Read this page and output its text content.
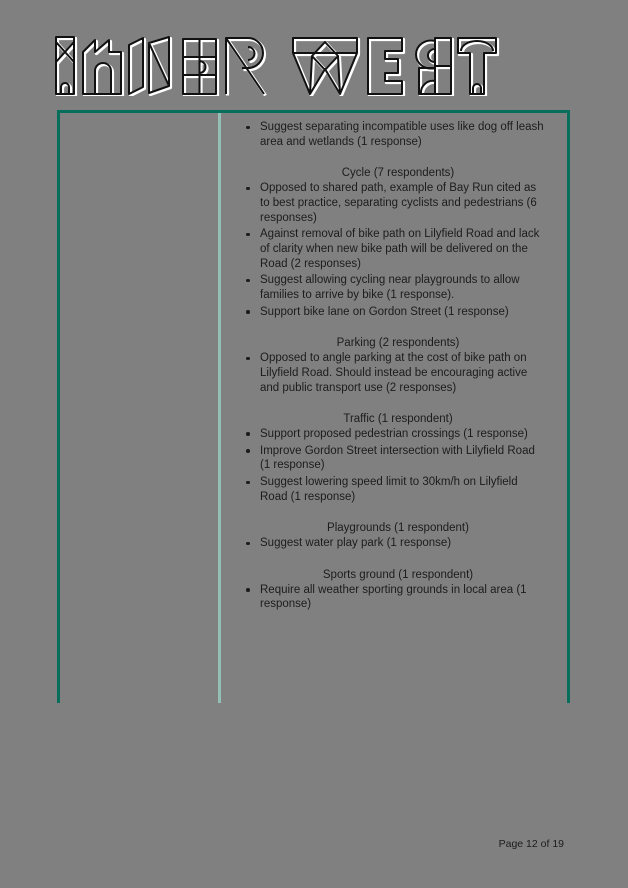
Suggest separating incompatible uses like dog off leash area and wetlands (1 response)
Cycle (7 respondents)
Opposed to shared path, example of Bay Run cited as to best practice, separating cyclists and pedestrians (6 responses)
Against removal of bike path on Lilyfield Road and lack of clarity when new bike path will be delivered on the Road (2 responses)
Suggest allowing cycling near playgrounds to allow families to arrive by bike (1 response).
Support bike lane on Gordon Street (1 response)
Parking (2 respondents)
Opposed to angle parking at the cost of bike path on Lilyfield Road. Should instead be encouraging active and public transport use (2 responses)
Traffic (1 respondent)
Support proposed pedestrian crossings (1 response)
Improve Gordon Street intersection with Lilyfield Road (1 response)
Suggest lowering speed limit to 30km/h on Lilyfield Road (1 response)
Playgrounds (1 respondent)
Suggest water play park (1 response)
Sports ground (1 respondent)
Require all weather sporting grounds in local area (1 response)
Page 12 of 19
